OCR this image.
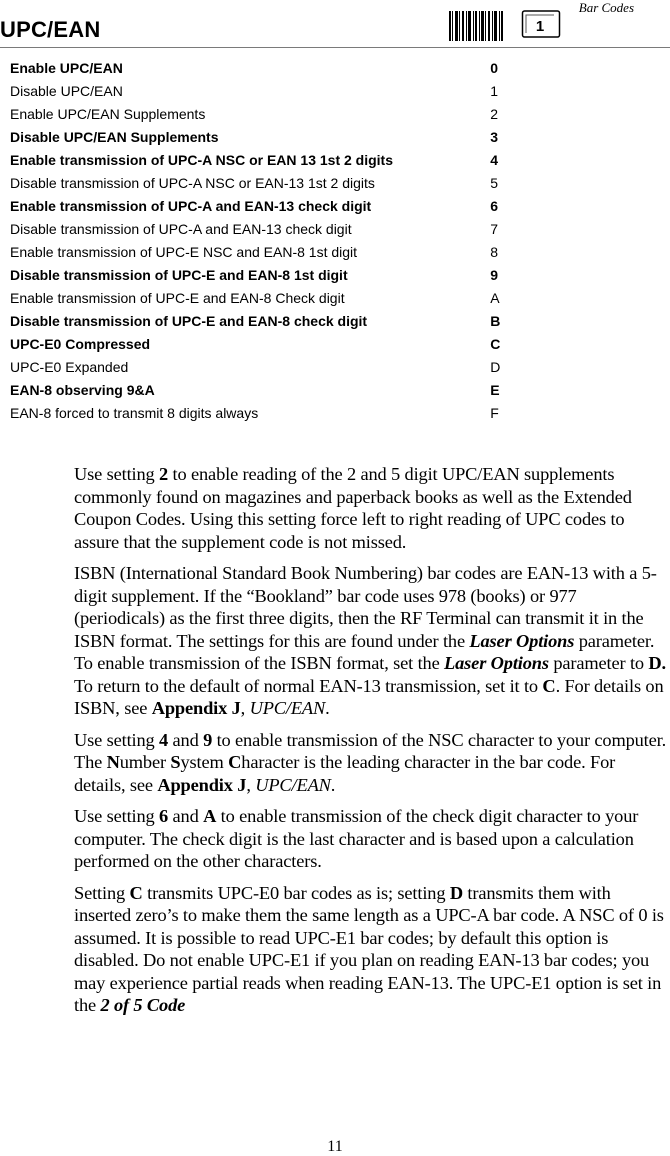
Bar Codes
UPC/EAN	1
Enable UPC/EAN	0
Disable UPC/EAN	1
Enable UPC/EAN Supplements	2
Disable UPC/EAN Supplements	3
Enable transmission of UPC-A NSC or EAN 13 1st 2 digits	4
Disable transmission of UPC-A NSC or EAN-13 1st 2 digits	5
Enable transmission of UPC-A and EAN-13 check digit	6
Disable transmission of UPC-A and EAN-13 check digit	7
Enable transmission of UPC-E NSC and EAN-8 1st digit	8
Disable transmission of UPC-E and EAN-8 1st digit	9
Enable transmission of UPC-E and EAN-8 Check digit	A
Disable transmission of UPC-E and EAN-8 check digit	B
UPC-E0 Compressed	C
UPC-E0 Expanded	D
EAN-8 observing 9&A	E
EAN-8 forced to transmit 8 digits always	F

Use setting 2 to enable reading of the 2 and 5 digit UPC/EAN supplements commonly found on magazines and paperback books as well as the Extended Coupon Codes. Using this setting force left to right reading of UPC codes to assure that the supplement code is not missed.

ISBN (International Standard Book Numbering) bar codes are EAN-13 with a 5-digit supplement. If the “Bookland” bar code uses 978 (books) or 977 (periodicals) as the first three digits, then the RF Terminal can transmit it in the ISBN format. The settings for this are found under the Laser Options parameter. To enable transmission of the ISBN format, set the Laser Options parameter to D. To return to the default of normal EAN-13 transmission, set it to C. For details on ISBN, see Appendix J, UPC/EAN.

Use setting 4 and 9 to enable transmission of the NSC character to your computer. The Number System Character is the leading character in the bar code. For details, see Appendix J, UPC/EAN.

Use setting 6 and A to enable transmission of the check digit character to your computer. The check digit is the last character and is based upon a calculation performed on the other characters.

Setting C transmits UPC-E0 bar codes as is; setting D transmits them with inserted zero’s to make them the same length as a UPC-A bar code. A NSC of 0 is assumed. It is possible to read UPC-E1 bar codes; by default this option is disabled. Do not enable UPC-E1 if you plan on reading EAN-13 bar codes; you may experience partial reads when reading EAN-13. The UPC-E1 option is set in the 2 of 5 Code

11
